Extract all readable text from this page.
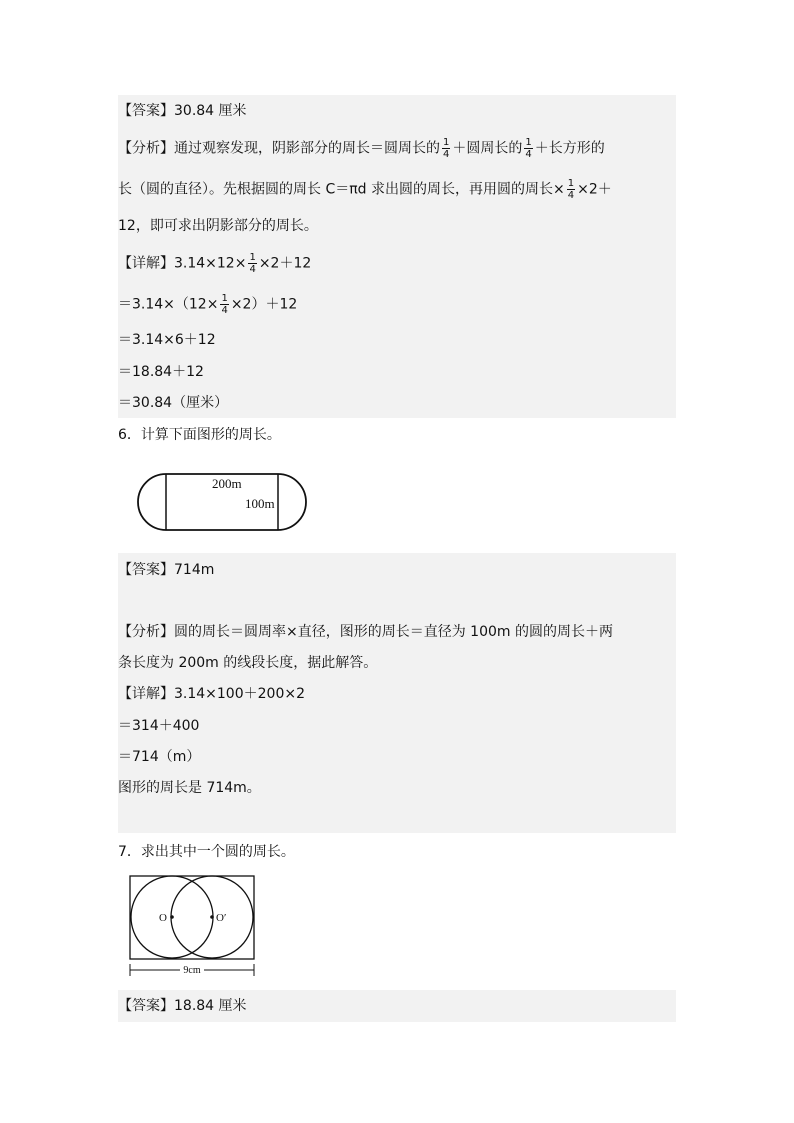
【答案】30.84 厘米
【分析】通过观察发现，阴影部分的周长＝圆周长的 $\frac{1}{4}$ ＋圆周长的 $\frac{1}{4}$ ＋长方形的
长（圆的直径）。先根据圆的周长 C＝πd 求出圆的周长，再用圆的周长× $\frac{1}{4} \times 2+$
12，即可求出阴影部分的周长。
【详解】$3.14\times 12\times \frac{1}{4} \times 2+12$
$=3.14\times(12\times \frac{1}{4} \times 2)+12$
＝3.14×6＋12
＝18.84＋12
＝30.84（厘米）
6．计算下面图形的周长。
200m
100m
【答案】714m
【分析】圆的周长＝圆周率×直径，图形的周长＝直径为 100m 的圆的周长＋两
条长度为 200m 的线段长度，据此解答。
【详解】3.14×100＋200×2
＝314＋400
＝714（m）
图形的周长是 714m。
7．求出其中一个圆的周长。
O	O′
9cm
【答案】18.84 厘米
